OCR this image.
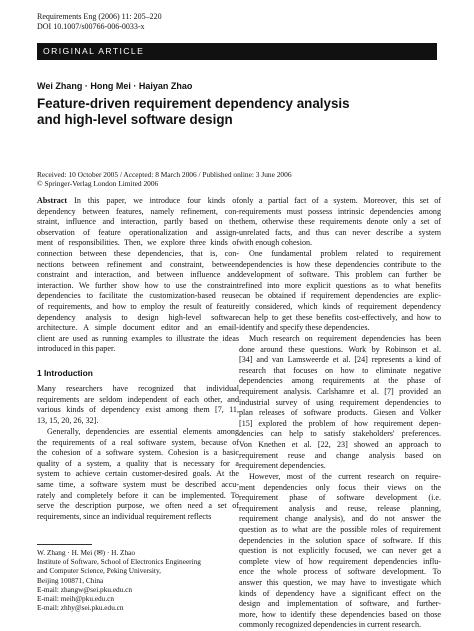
Requirements Eng (2006) 11: 205–220
DOI 10.1007/s00766-006-0033-x
ORIGINAL ARTICLE
Wei Zhang · Hong Mei · Haiyan Zhao
Feature-driven requirement dependency analysis
and high-level software design
Received: 10 October 2005 / Accepted: 8 March 2006 / Published online: 3 June 2006
© Springer-Verlag London Limited 2006
Abstract In this paper, we introduce four kinds of
dependency between features, namely refinement, con-
straint, influence and interaction, partly based on the
observation of feature operationalization and assign-
ment of responsibilities. Then, we explore three kinds of
connection between these dependencies, that is, con-
nections between refinement and constraint, between
constraint and interaction, and between influence and
interaction. We further show how to use the constraint
dependencies to facilitate the customization-based reuse
of requirements, and how to employ the result of feature
dependency analysis to design high-level software
architecture. A simple document editor and an email-
client are used as running examples to illustrate the ideas
introduced in this paper.
1 Introduction
Many researchers have recognized that individual
requirements are seldom independent of each other, and
various kinds of dependency exist among them [7, 11,
13, 15, 20, 26, 32].
Generally, dependencies are essential elements among
the requirements of a real software system, because of
the cohesion of a software system. Cohesion is a basic
quality of a system, a quality that is necessary for a
system to achieve certain customer-desired goals. At the
same time, a software system must be described accu-
rately and completely before it can be implemented. To
serve the description purpose, we often need a set of
requirements, since an individual requirement reflects
W. Zhang · H. Mei (✉) · H. Zhao
Institute of Software, School of Electronics Engineering
and Computer Science, Peking University,
Beijing 100871, China
E-mail: zhangw@sei.pku.edu.cn
E-mail: meih@pku.edu.cn
E-mail: zhhy@sei.pku.edu.cn
only a partial fact of a system. Moreover, this set of
requirements must possess intrinsic dependencies among
them, otherwise these requirements denote only a set of
unrelated facts, and thus can never describe a system
with enough cohesion.
One fundamental problem related to requirement
dependencies is how these dependencies contribute to the
development of software. This problem can further be
refined into more explicit questions as to what benefits
can be obtained if requirement dependencies are explic-
itly considered, which kinds of requirement dependency
can help to get these benefits cost-effectively, and how to
identify and specify these dependencies.
Much research on requirement dependencies has been
done around these questions. Work by Robinson et al.
[34] and van Lamsweerde et al. [24] represents a kind of
research that focuses on how to eliminate negative
dependencies among requirements at the phase of
requirement analysis. Carlshamre et al. [7] provided an
industrial survey of using requirement dependencies to
plan releases of software products. Giesen and Volker
[15] explored the problem of how requirement depen-
dencies can help to satisfy stakeholders' preferences.
Von Knethen et al. [22, 23] showed an approach to
requirement reuse and change analysis based on
requirement dependencies.
However, most of the current research on require-
ment dependencies only focus their views on the
requirement phase of software development (i.e.
requirement analysis and reuse, release planning,
requirement change analysis), and do not answer the
question as to what are the possible roles of requirement
dependencies in the solution space of software. If this
question is not explicitly focused, we can never get a
complete view of how requirement dependencies influ-
ence the whole process of software development. To
answer this question, we may have to investigate which
kinds of dependency have a significant effect on the
design and implementation of software, and further-
more, how to identify these dependencies based on those
commonly recognized dependencies in current research.
